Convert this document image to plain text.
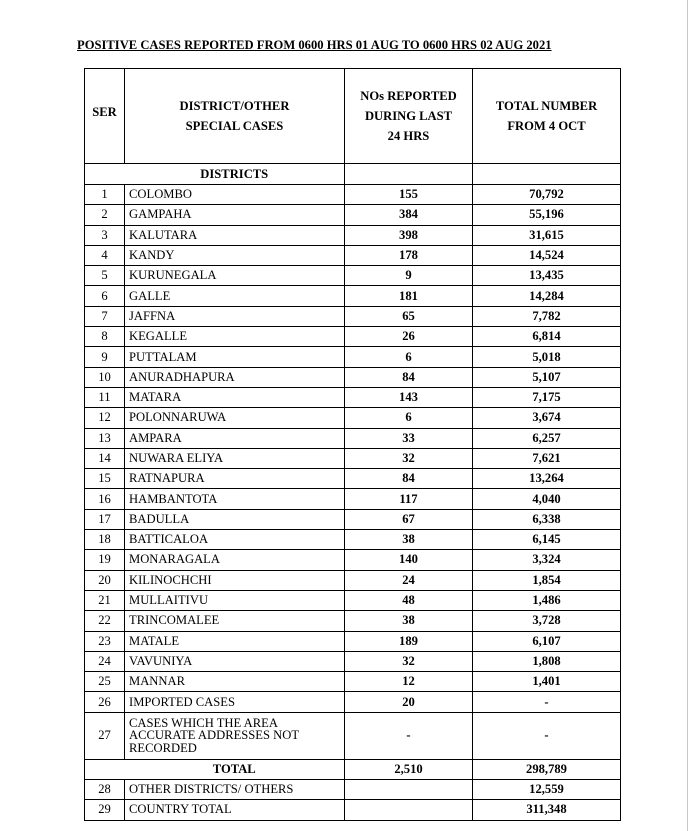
POSITIVE CASES REPORTED FROM 0600 HRS 01 AUG TO 0600 HRS 02 AUG 2021
SER	DISTRICT/OTHER SPECIAL CASES	NOs REPORTED DURING LAST 24 HRS	TOTAL NUMBER FROM 4 OCT

	DISTRICTS		
1	COLOMBO	155	70,792
2	GAMPAHA	384	55,196
3	KALUTARA	398	31,615
4	KANDY	178	14,524
5	KURUNEGALA	9	13,435
6	GALLE	181	14,284
7	JAFFNA	65	7,782
8	KEGALLE	26	6,814
9	PUTTALAM	6	5,018
10	ANURADHAPURA	84	5,107
11	MATARA	143	7,175
12	POLONNARUWA	6	3,674
13	AMPARA	33	6,257
14	NUWARA ELIYA	32	7,621
15	RATNAPURA	84	13,264
16	HAMBANTOTA	117	4,040
17	BADULLA	67	6,338
18	BATTICALOA	38	6,145
19	MONARAGALA	140	3,324
20	KILINOCHCHI	24	1,854
21	MULLAITIVU	48	1,486
22	TRINCOMALEE	38	3,728
23	MATALE	189	6,107
24	VAVUNIYA	32	1,808
25	MANNAR	12	1,401
26	IMPORTED CASES	20	-
27	CASES WHICH THE AREA ACCURATE ADDRESSES NOT RECORDED	-	-
	TOTAL	2,510	298,789
28	OTHER DISTRICTS/ OTHERS		12,559
29	COUNTRY TOTAL		311,348
